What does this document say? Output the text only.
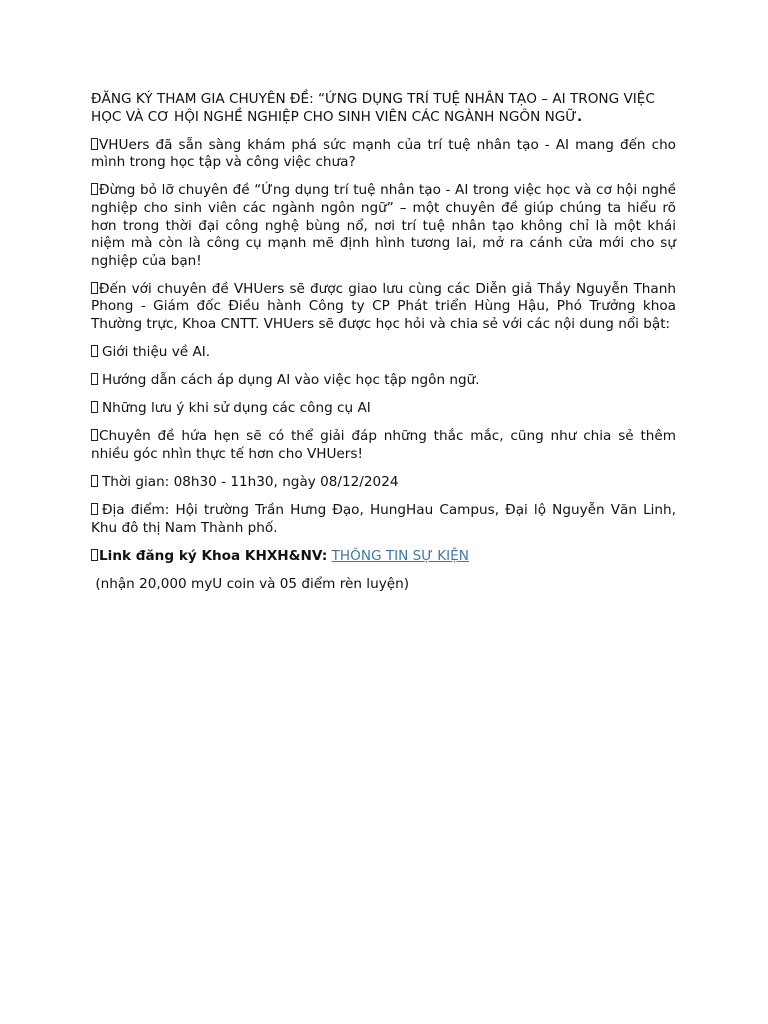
ĐĂNG KÝ THAM GIA CHUYÊN ĐỀ: “ỨNG DỤNG TRÍ TUỆ NHÂN TẠO – AI TRONG VIỆC HỌC VÀ CƠ HỘI NGHỀ NGHIỆP CHO SINH VIÊN CÁC NGÀNH NGÔN NGỮ.

VHUers đã sẵn sàng khám phá sức mạnh của trí tuệ nhân tạo - AI mang đến cho mình trong học tập và công việc chưa?

Đừng bỏ lỡ chuyên đề “Ứng dụng trí tuệ nhân tạo - AI trong việc học và cơ hội nghề nghiệp cho sinh viên các ngành ngôn ngữ” – một chuyên đề giúp chúng ta hiểu rõ hơn trong thời đại công nghệ bùng nổ, nơi trí tuệ nhân tạo không chỉ là một khái niệm mà còn là công cụ mạnh mẽ định hình tương lai, mở ra cánh cửa mới cho sự nghiệp của bạn!

Đến với chuyên đề VHUers sẽ được giao lưu cùng các Diễn giả Thầy Nguyễn Thanh Phong - Giám đốc Điều hành Công ty CP Phát triển Hùng Hậu, Phó Trưởng khoa Thường trực, Khoa CNTT. VHUers sẽ được học hỏi và chia sẻ với các nội dung nổi bật:

Giới thiệu về AI.

Hướng dẫn cách áp dụng AI vào việc học tập ngôn ngữ.

Những lưu ý khi sử dụng các công cụ AI

Chuyên đề hứa hẹn sẽ có thể giải đáp những thắc mắc, cũng như chia sẻ thêm nhiều góc nhìn thực tế hơn cho VHUers!

Thời gian: 08h30 - 11h30, ngày 08/12/2024

Địa điểm: Hội trường Trần Hưng Đạo, HungHau Campus, Đại lộ Nguyễn Văn Linh, Khu đô thị Nam Thành phố.

Link đăng ký Khoa KHXH&NV: THÔNG TIN SỰ KIỆN

(nhận 20,000 myU coin và 05 điểm rèn luyện)
